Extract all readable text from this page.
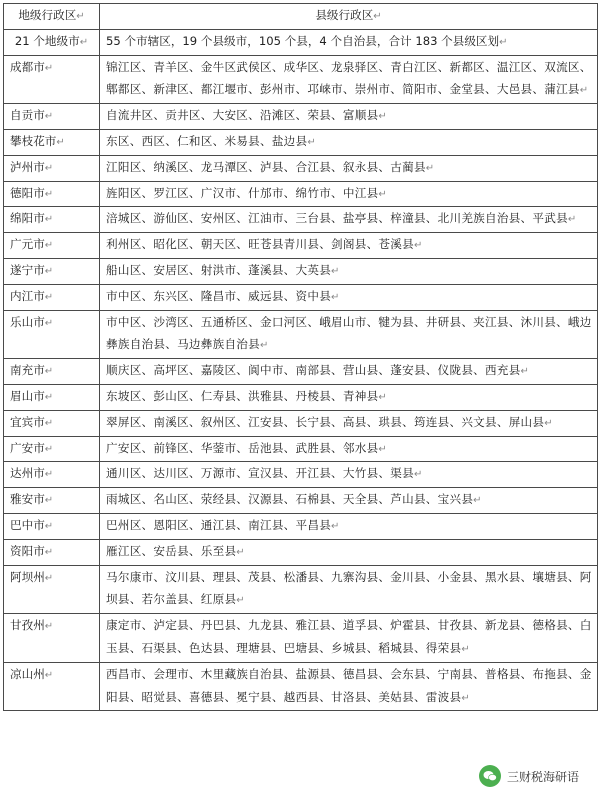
地级行政区↵	县级行政区↵
21 个地级市↵	55 个市辖区，19 个县级市，105 个县，4 个自治县，合计 183 个县级区划↵
成都市↵	锦江区、青羊区、金牛区武侯区、成华区、龙泉驿区、青白江区、新都区、温江区、双流区、郫都区、新津区、都江堰市、彭州市、邛崃市、崇州市、简阳市、金堂县、大邑县、蒲江县↵
自贡市↵	自流井区、贡井区、大安区、沿滩区、荣县、富顺县↵
攀枝花市↵	东区、西区、仁和区、米易县、盐边县↵
泸州市↵	江阳区、纳溪区、龙马潭区、泸县、合江县、叙永县、古蔺县↵
德阳市↵	旌阳区、罗江区、广汉市、什邡市、绵竹市、中江县↵
绵阳市↵	涪城区、游仙区、安州区、江油市、三台县、盐亭县、梓潼县、北川羌族自治县、平武县↵
广元市↵	利州区、昭化区、朝天区、旺苍县青川县、剑阁县、苍溪县↵
遂宁市↵	船山区、安居区、射洪市、蓬溪县、大英县↵
内江市↵	市中区、东兴区、隆昌市、威远县、资中县↵
乐山市↵	市中区、沙湾区、五通桥区、金口河区、峨眉山市、犍为县、井研县、夹江县、沐川县、峨边彝族自治县、马边彝族自治县↵
南充市↵	顺庆区、高坪区、嘉陵区、阆中市、南部县、营山县、蓬安县、仪陇县、西充县↵
眉山市↵	东坡区、彭山区、仁寿县、洪雅县、丹棱县、青神县↵
宜宾市↵	翠屏区、南溪区、叙州区、江安县、长宁县、高县、珙县、筠连县、兴文县、屏山县↵
广安市↵	广安区、前锋区、华蓥市、岳池县、武胜县、邻水县↵
达州市↵	通川区、达川区、万源市、宣汉县、开江县、大竹县、渠县↵
雅安市↵	雨城区、名山区、荥经县、汉源县、石棉县、天全县、芦山县、宝兴县↵
巴中市↵	巴州区、恩阳区、通江县、南江县、平昌县↵
资阳市↵	雁江区、安岳县、乐至县↵
阿坝州↵	马尔康市、汶川县、理县、茂县、松潘县、九寨沟县、金川县、小金县、黑水县、壤塘县、阿坝县、若尔盖县、红原县↵
甘孜州↵	康定市、泸定县、丹巴县、九龙县、雅江县、道孚县、炉霍县、甘孜县、新龙县、德格县、白玉县、石渠县、色达县、理塘县、巴塘县、乡城县、稻城县、得荣县↵
凉山州↵	西昌市、会理市、木里藏族自治县、盐源县、德昌县、会东县、宁南县、普格县、布拖县、金阳县、昭觉县、喜德县、冕宁县、越西县、甘洛县、美姑县、雷波县↵
三财税海研语
